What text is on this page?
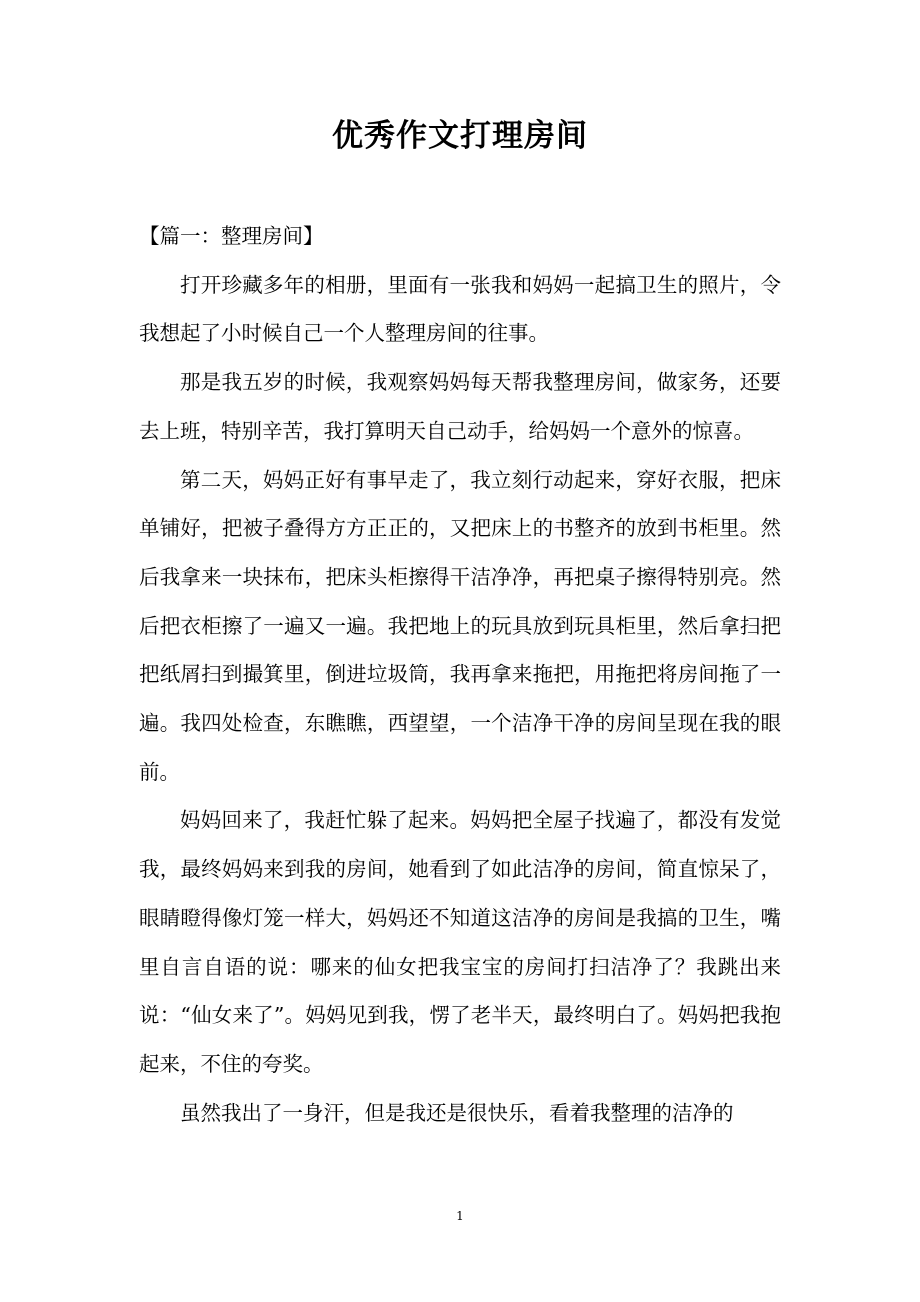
优秀作文打理房间

【篇一：整理房间】

打开珍藏多年的相册，里面有一张我和妈妈一起搞卫生的照片，令我想起了小时候自己一个人整理房间的往事。

那是我五岁的时候，我观察妈妈每天帮我整理房间，做家务，还要去上班，特别辛苦，我打算明天自己动手，给妈妈一个意外的惊喜。

第二天，妈妈正好有事早走了，我立刻行动起来，穿好衣服，把床单铺好，把被子叠得方方正正的，又把床上的书整齐的放到书柜里。然后我拿来一块抹布，把床头柜擦得干洁净净，再把桌子擦得特别亮。然后把衣柜擦了一遍又一遍。我把地上的玩具放到玩具柜里，然后拿扫把把纸屑扫到撮箕里，倒进垃圾筒，我再拿来拖把，用拖把将房间拖了一遍。我四处检查，东瞧瞧，西望望，一个洁净干净的房间呈现在我的眼前。

妈妈回来了，我赶忙躲了起来。妈妈把全屋子找遍了，都没有发觉我，最终妈妈来到我的房间，她看到了如此洁净的房间，简直惊呆了，眼睛瞪得像灯笼一样大，妈妈还不知道这洁净的房间是我搞的卫生，嘴里自言自语的说：哪来的仙女把我宝宝的房间打扫洁净了？我跳出来说：“仙女来了”。妈妈见到我，愣了老半天，最终明白了。妈妈把我抱起来，不住的夸奖。

虽然我出了一身汗，但是我还是很快乐，看着我整理的洁净的

1
